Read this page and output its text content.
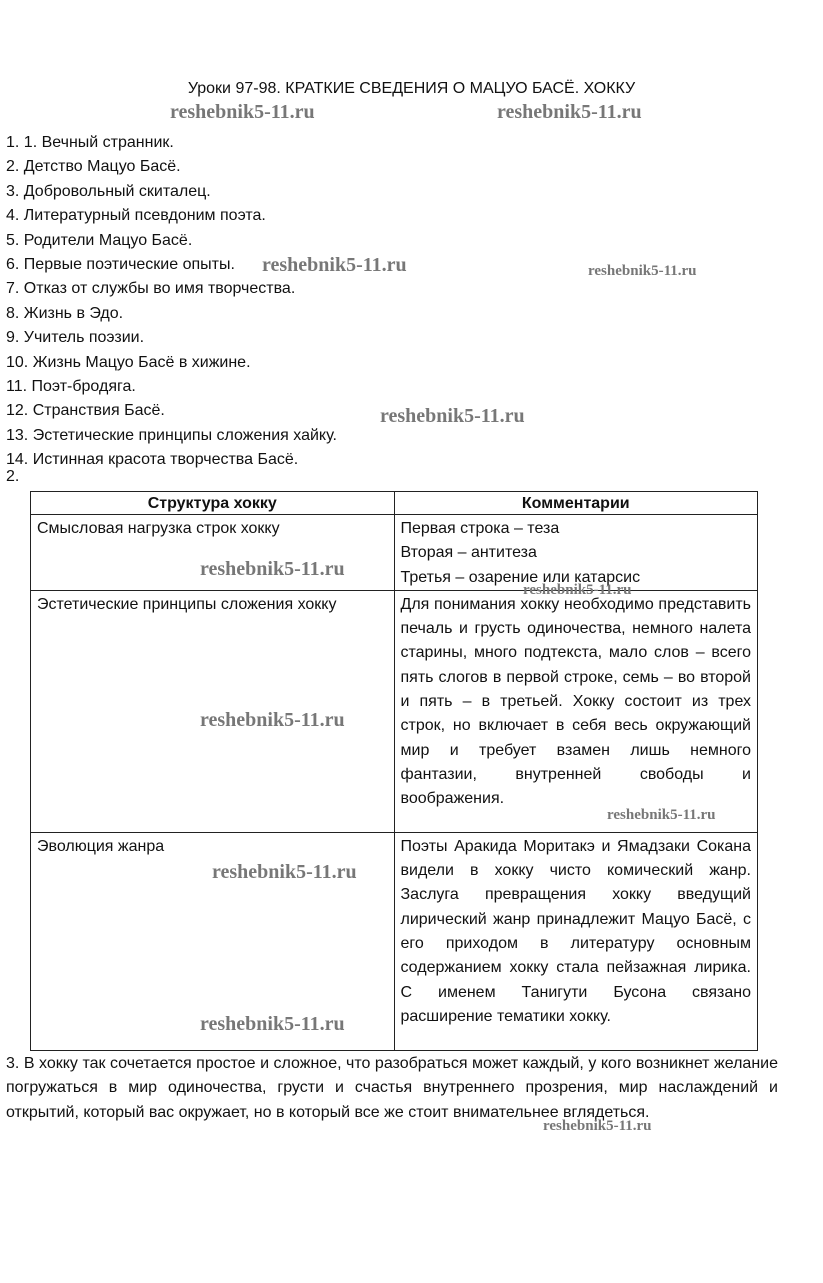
Уроки 97-98. КРАТКИЕ СВЕДЕНИЯ О МАЦУО БАСЁ. ХОККУ
1. 1. Вечный странник.
2. Детство Мацуо Басё.
3. Добровольный скиталец.
4. Литературный псевдоним поэта.
5. Родители Мацуо Басё.
6. Первые поэтические опыты.
7. Отказ от службы во имя творчества.
8. Жизнь в Эдо.
9. Учитель поэзии.
10. Жизнь Мацуо Басё в хижине.
11. Поэт-бродяга.
12. Странствия Басё.
13. Эстетические принципы сложения хайку.
14. Истинная красота творчества Басё.
2.
Структура хокку	Комментарии
Смысловая нагрузка строк хокку	Первая строка – теза
Вторая – антитеза
Третья – озарение или катарсис

Эстетические принципы сложения хокку	Для понимания хокку необходимо представить печаль и грусть одиночества, немного налета старины, много подтекста, мало слов – всего пять слогов в первой строке, семь – во второй и пять – в третьей. Хокку состоит из трех строк, но включает в себя весь окружающий мир и требует взамен лишь немного фантазии, внутренней свободы и воображения.
Эволюция жанра	Поэты Аракида Моритакэ и Ямадзаки Сокана видели в хокку чисто комический жанр. Заслуга превращения хокку введущий лирический жанр принадлежит Мацуо Басё, с его приходом в литературу основным содержанием хокку стала пейзажная лирика. С именем Танигути Бусона связано расширение тематики хокку.
3. В хокку так сочетается простое и сложное, что разобраться может каждый, у кого возникнет желание погружаться в мир одиночества, грусти и счастья внутреннего прозрения, мир наслаждений и открытий, который вас окружает, но в который все же стоит внимательнее вглядеться.
reshebnik5-11.ru	reshebnik5-11.ru
reshebnik5-11.ru	reshebnik5-11.ru
reshebnik5-11.ru
reshebnik5-11.ru
reshebnik5-11.ru
reshebnik5-11.ru
reshebnik5-11.ru
reshebnik5-11.ru
reshebnik5-11.ru
reshebnik5-11.ru
